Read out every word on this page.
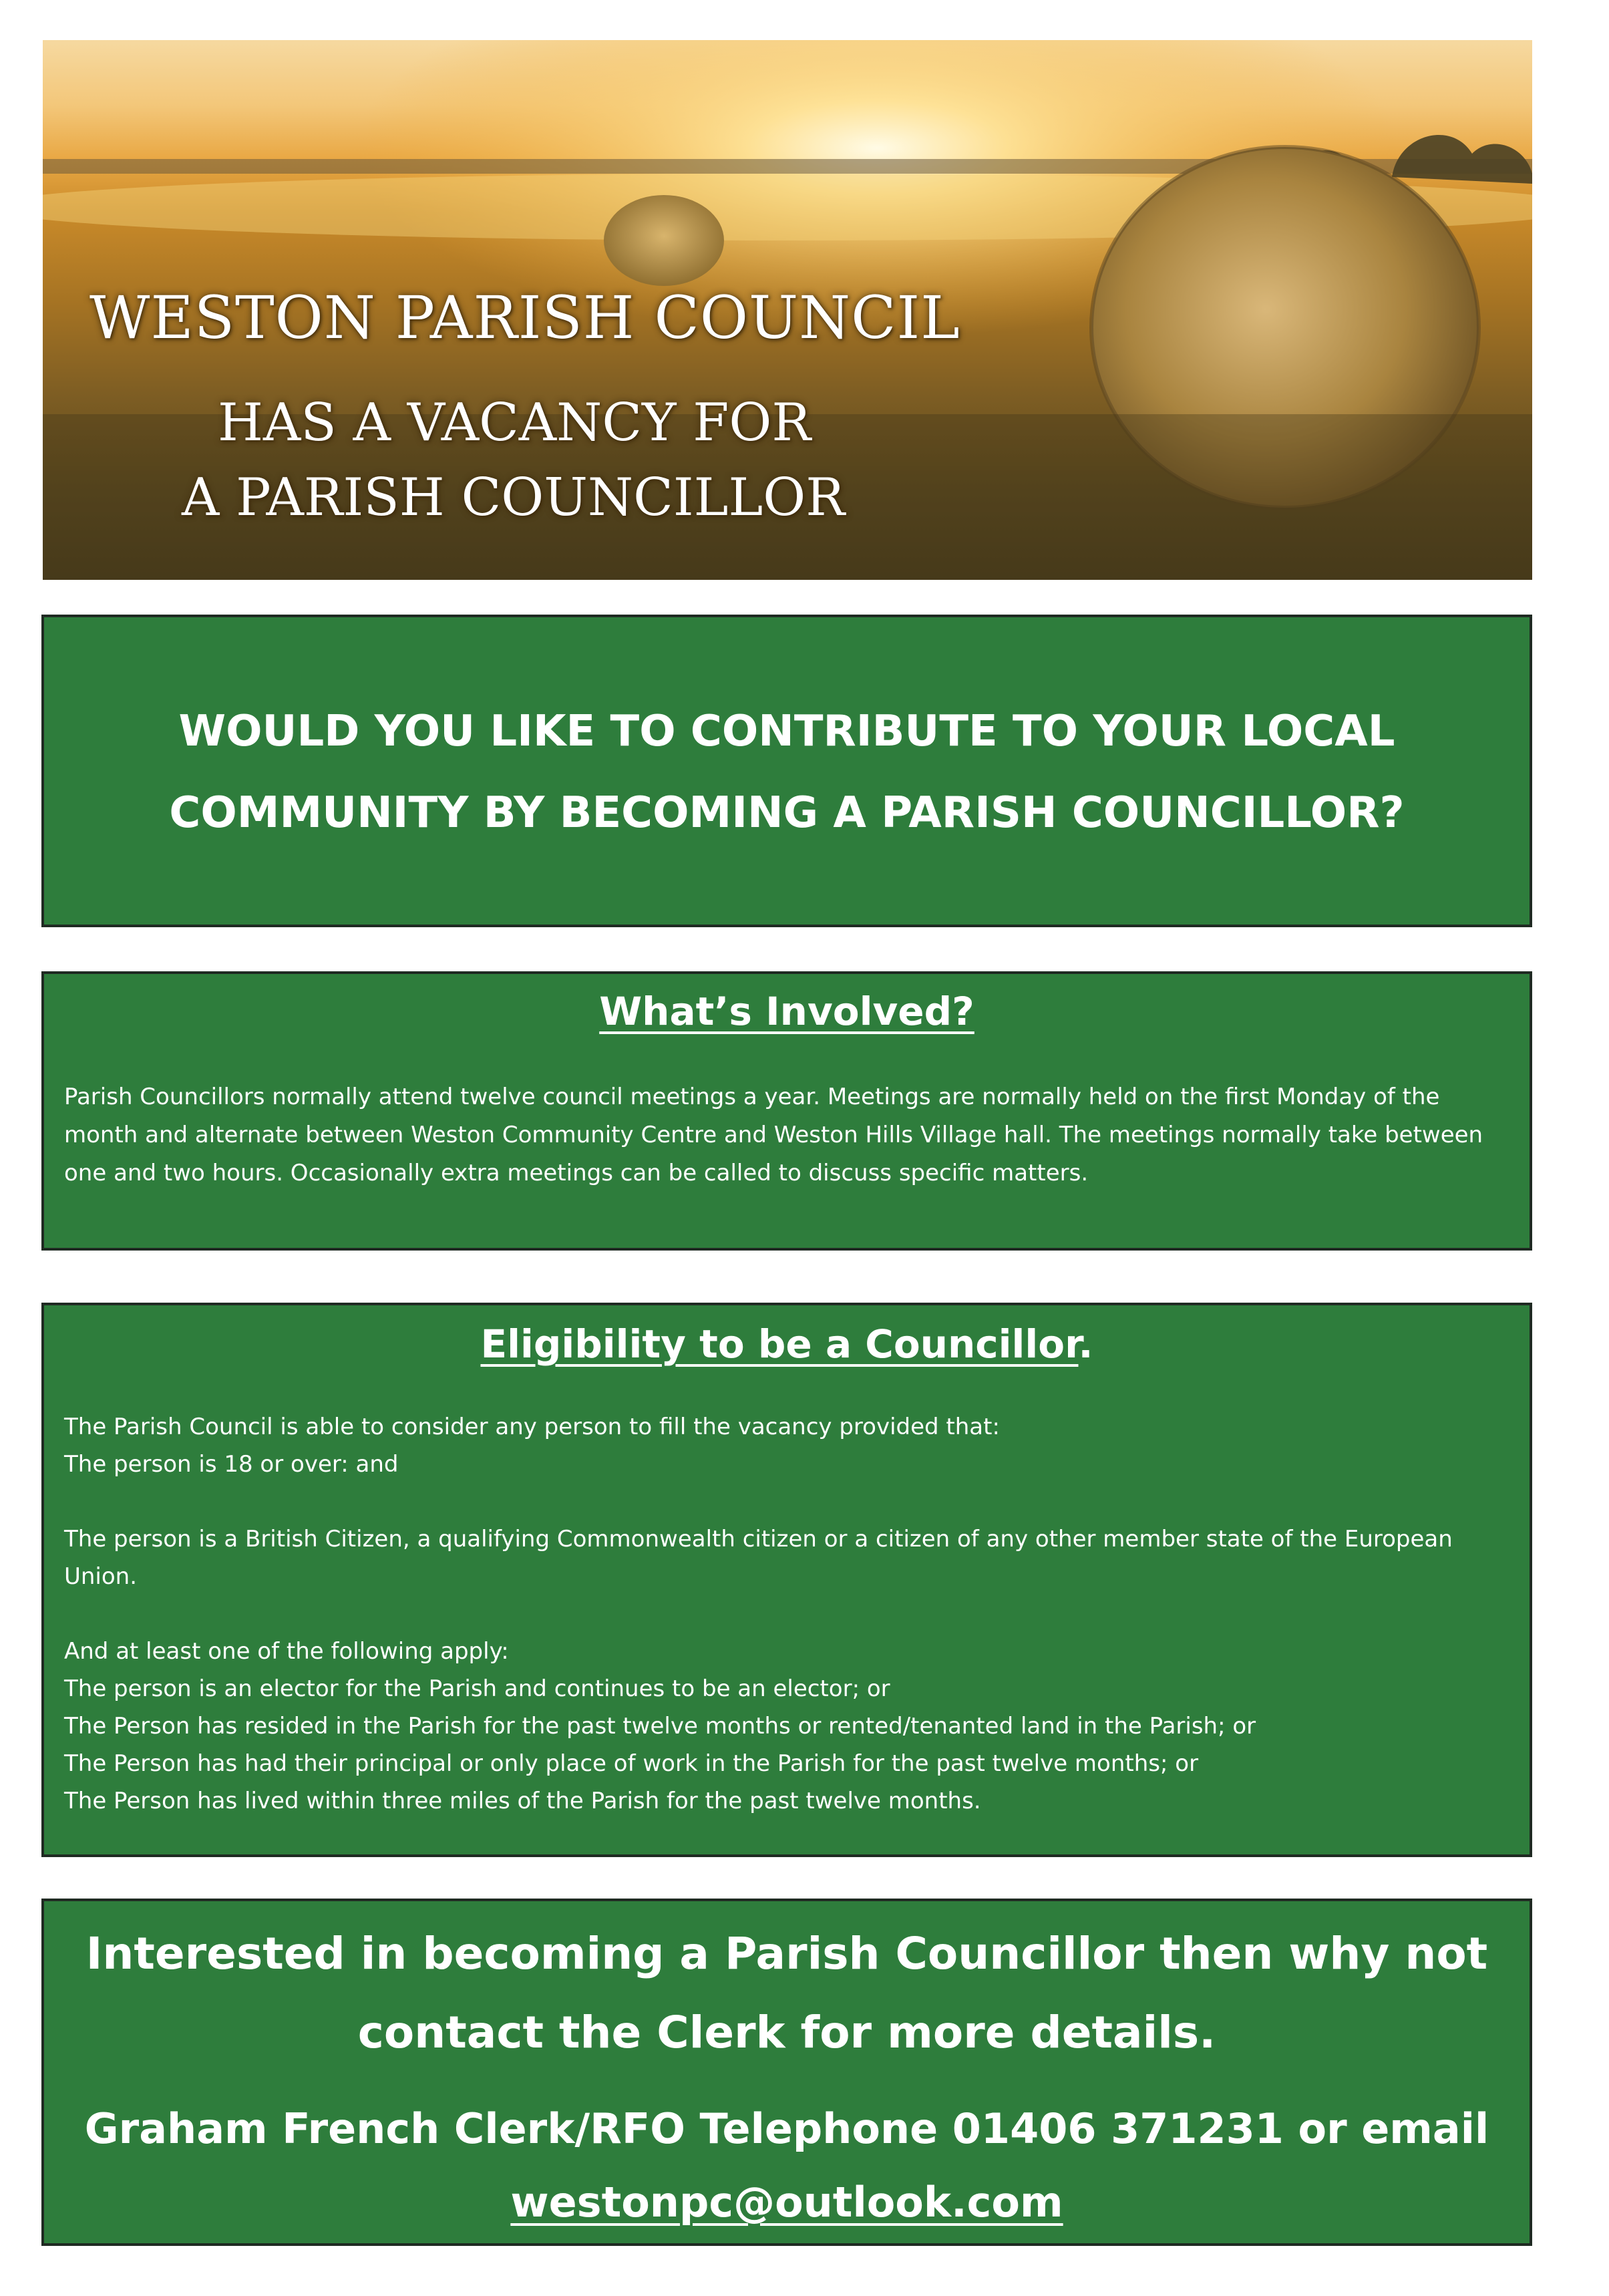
WESTON PARISH COUNCIL
HAS A VACANCY FOR
A PARISH COUNCILLOR
WOULD YOU LIKE TO CONTRIBUTE TO YOUR LOCAL
COMMUNITY BY BECOMING A PARISH COUNCILLOR?
What’s Involved?

Parish Councillors normally attend twelve council meetings a year. Meetings are normally held on the first Monday of the month and alternate between Weston Community Centre and Weston Hills Village hall. The meetings normally take between one and two hours. Occasionally extra meetings can be called to discuss specific matters.

Eligibility to be a Councillor.

The Parish Council is able to consider any person to fill the vacancy provided that:
The person is 18 or over: and

The person is a British Citizen, a qualifying Commonwealth citizen or a citizen of any other member state of the European Union.

And at least one of the following apply:
The person is an elector for the Parish and continues to be an elector; or
The Person has resided in the Parish for the past twelve months or rented/tenanted land in the Parish; or
The Person has had their principal or only place of work in the Parish for the past twelve months; or
The Person has lived within three miles of the Parish for the past twelve months.

Interested in becoming a Parish Councillor then why not
contact the Clerk for more details.

Graham French Clerk/RFO Telephone 01406 371231 or email
westonpc@outlook.com
